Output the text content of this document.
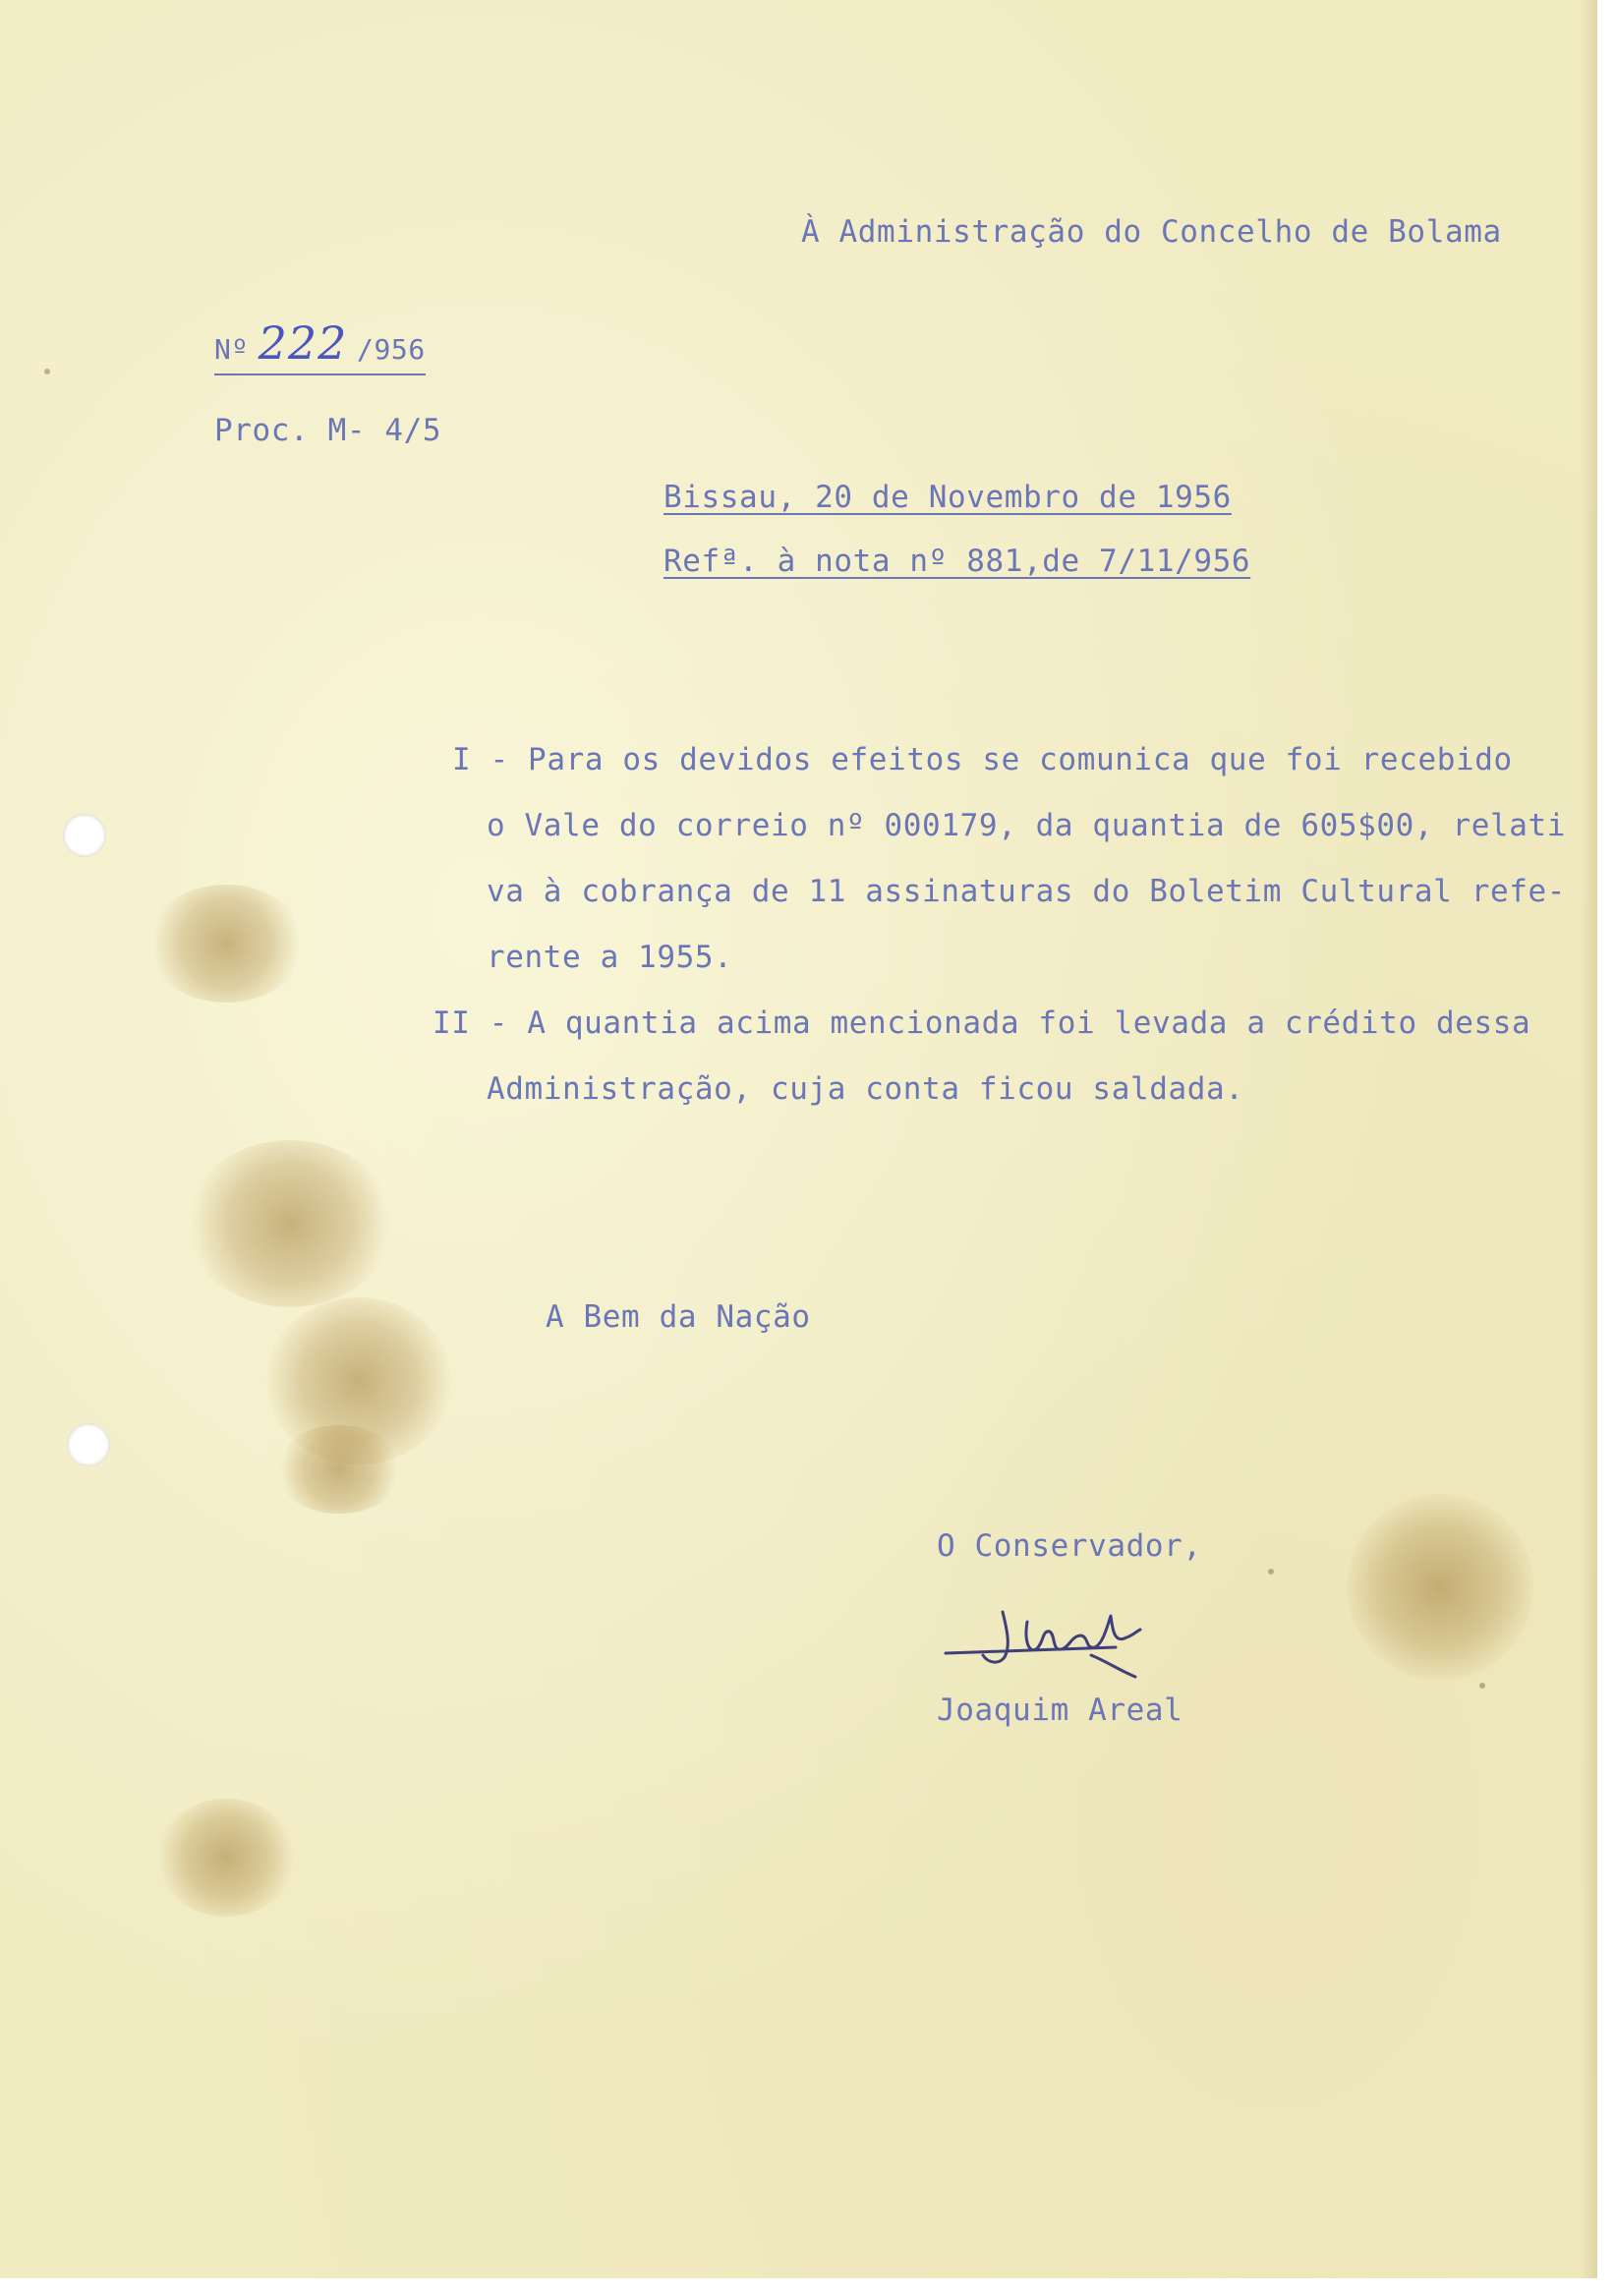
À Administração do Concelho de Bolama
Nº 222 /956
Proc. M- 4/5
Bissau, 20 de Novembro de 1956
Refª. à nota nº 881,de 7/11/956
I - Para os devidos efeitos se comunica que foi recebido
o Vale do correio nº 000179, da quantia de 605$00, relati
va à cobrança de 11 assinaturas do Boletim Cultural refe-
rente a 1955.
II - A quantia acima mencionada foi levada a crédito dessa
Administração, cuja conta ficou saldada.
A Bem da Nação
O Conservador,
Joaquim Areal
